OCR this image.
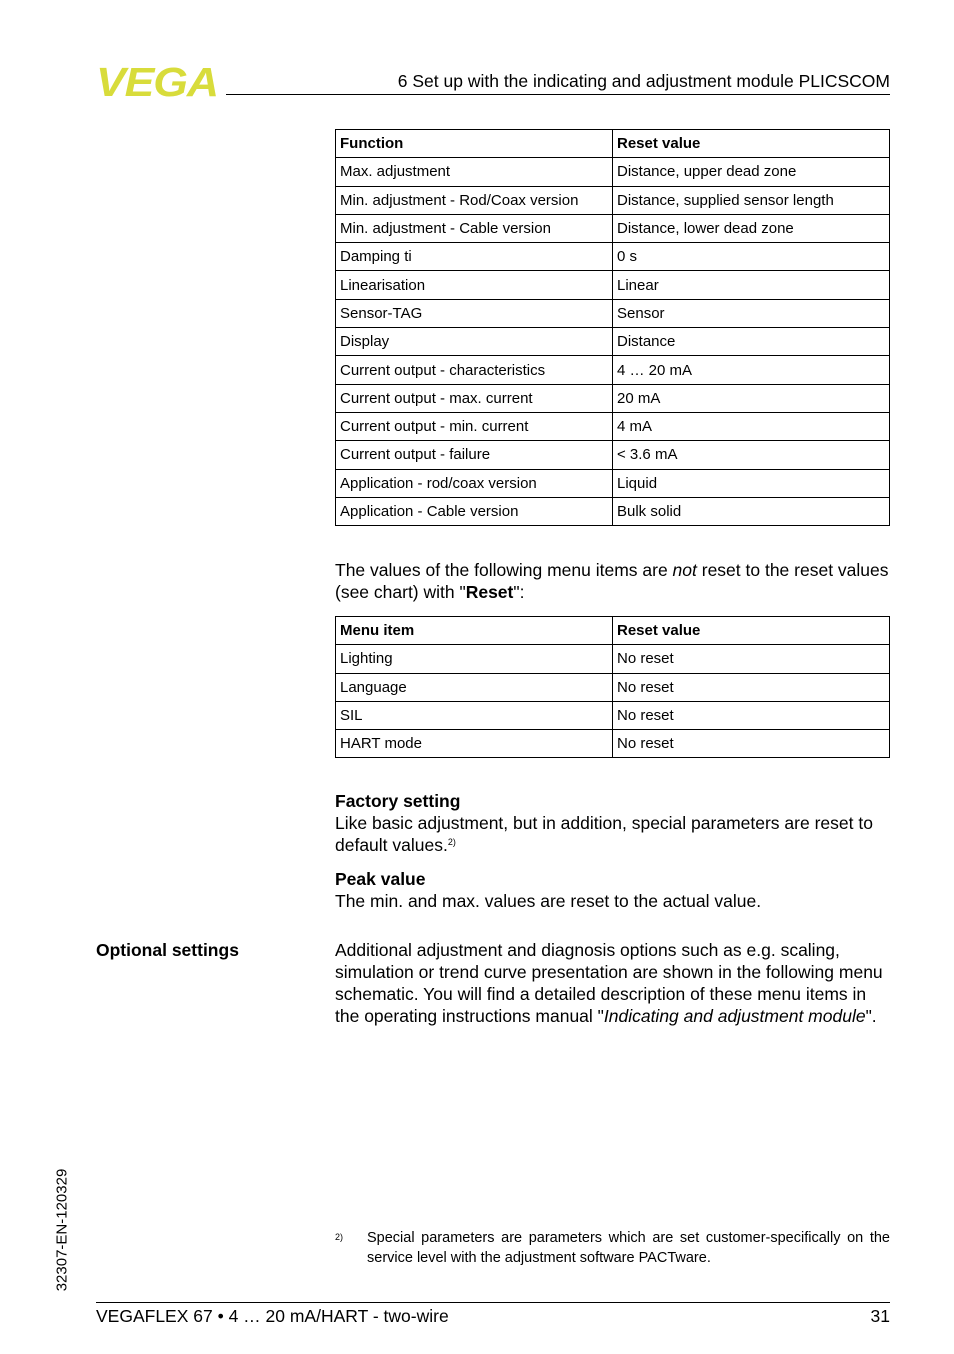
VEGA	6 Set up with the indicating and adjustment module PLICSCOM
Function	Reset value
Max. adjustment	Distance, upper dead zone
Min. adjustment - Rod/Coax version	Distance, supplied sensor length
Min. adjustment - Cable version	Distance, lower dead zone
Damping ti	0 s
Linearisation	Linear
Sensor-TAG	Sensor
Display	Distance
Current output - characteristics	4 … 20 mA
Current output - max. current	20 mA
Current output - min. current	4 mA
Current output - failure	< 3.6 mA
Application - rod/coax version	Liquid
Application - Cable version	Bulk solid
The values of the following menu items are not reset to the reset values (see chart) with "Reset":
Menu item	Reset value
Lighting	No reset
Language	No reset
SIL	No reset
HART mode	No reset
Factory setting
Like basic adjustment, but in addition, special parameters are reset to default values.$^{2)}$
Peak value
The min. and max. values are reset to the actual value.
Optional settings	Additional adjustment and diagnosis options such as e.g. scaling, simulation or trend curve presentation are shown in the following menu schematic. You will find a detailed description of these menu items in the operating instructions manual "Indicating and adjustment module".
32307-EN-120329	2) Special parameters are parameters which are set customer-specifically on the service level with the adjustment software PACTware.
VEGAFLEX 67 • 4 … 20 mA/HART - two-wire	31
